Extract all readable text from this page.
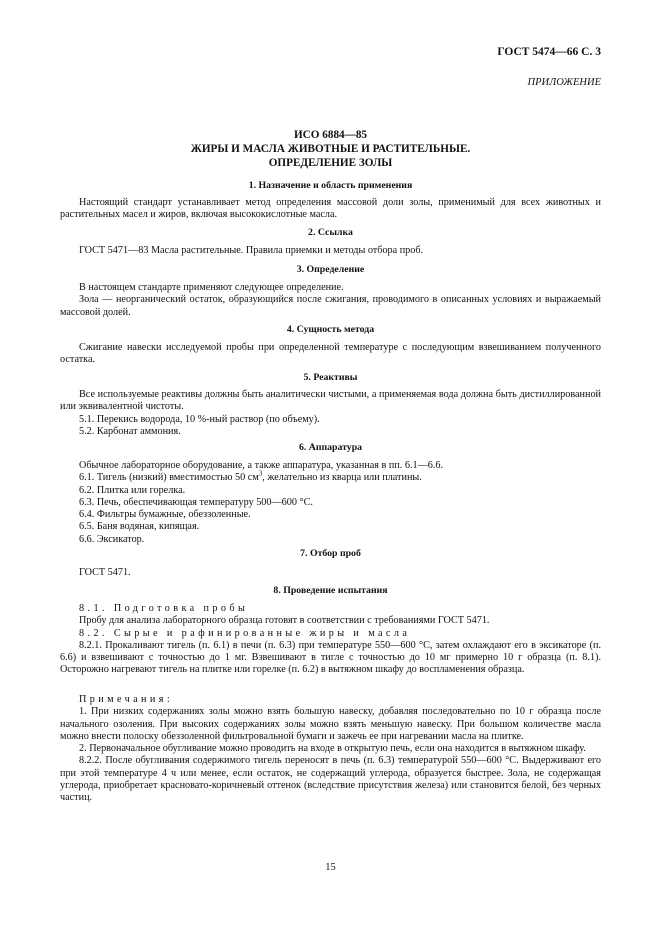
ГОСТ 5474—66 С. 3
ПРИЛОЖЕНИЕ
ИСО 6884—85
ЖИРЫ И МАСЛА ЖИВОТНЫЕ И РАСТИТЕЛЬНЫЕ.
ОПРЕДЕЛЕНИЕ ЗОЛЫ
1. Назначение и область применения
Настоящий стандарт устанавливает метод определения массовой доли золы, применимый для всех животных и растительных масел и жиров, включая высококислотные масла.
2. Ссылка
ГОСТ 5471—83 Масла растительные. Правила приемки и методы отбора проб.
3. Определение

В настоящем стандарте применяют следующее определение.

Зола — неорганический остаток, образующийся после сжигания, проводимого в описанных условиях и выражаемый массовой долей.

4. Сущность метода
Сжигание навески исследуемой пробы при определенной температуре с последующим взвешиванием полученного остатка.
5. Реактивы

Все используемые реактивы должны быть аналитически чистыми, а применяемая вода должна быть дистиллированной или эквивалентной чистоты.

5.1. Перекись водорода, 10 %-ный раствор (по объему).

5.2. Карбонат аммония.

6. Аппаратура

Обычное лабораторное оборудование, а также аппаратура, указанная в пп. 6.1—6.6.

6.1. Тигель (низкий) вместимостью 50 $см^3$, желательно из кварца или платины.

6.2. Плитка или горелка.

6.3. Печь, обеспечивающая температуру 500—600 °С.

6.4. Фильтры бумажные, обеззоленные.

6.5. Баня водяная, кипящая.

6.6. Эксикатор.

7. Отбор проб
ГОСТ 5471.
8. Проведение испытания

8.1. Подготовка пробы

Пробу для анализа лабораторного образца готовят в соответствии с требованиями ГОСТ 5471.

8.2. Сырые и рафинированные жиры и масла

8.2.1. Прокаливают тигель (п. 6.1) в печи (п. 6.3) при температуре 550—600 °С, затем охлаждают его в эксикаторе (п. 6.6) и взвешивают с точностью до 1 мг. Взвешивают в тигле с точностью до 10 мг примерно 10 г образца (п. 8.1). Осторожно нагревают тигель на плитке или горелке (п. 6.2) в вытяжном шкафу до воспламенения образца.

Примечания:

1. При низких содержаниях золы можно взять большую навеску, добавляя последовательно по 10 г образца после начального озоления. При высоких содержаниях золы можно взять меньшую навеску. При большом количестве масла можно внести полоску обеззоленной фильтровальной бумаги и зажечь ее при нагревании масла на плитке.

2. Первоначальное обугливание можно проводить на входе в открытую печь, если она находится в вытяжном шкафу.

8.2.2. После обугливания содержимого тигель переносят в печь (п. 6.3) температурой 550—600 °С. Выдерживают его при этой температуре 4 ч или менее, если остаток, не содержащий углерода, образуется быстрее. Зола, не содержащая углерода, приобретает красновато-коричневый оттенок (вследствие присутствия железа) или становится белой, без черных частиц.

15
